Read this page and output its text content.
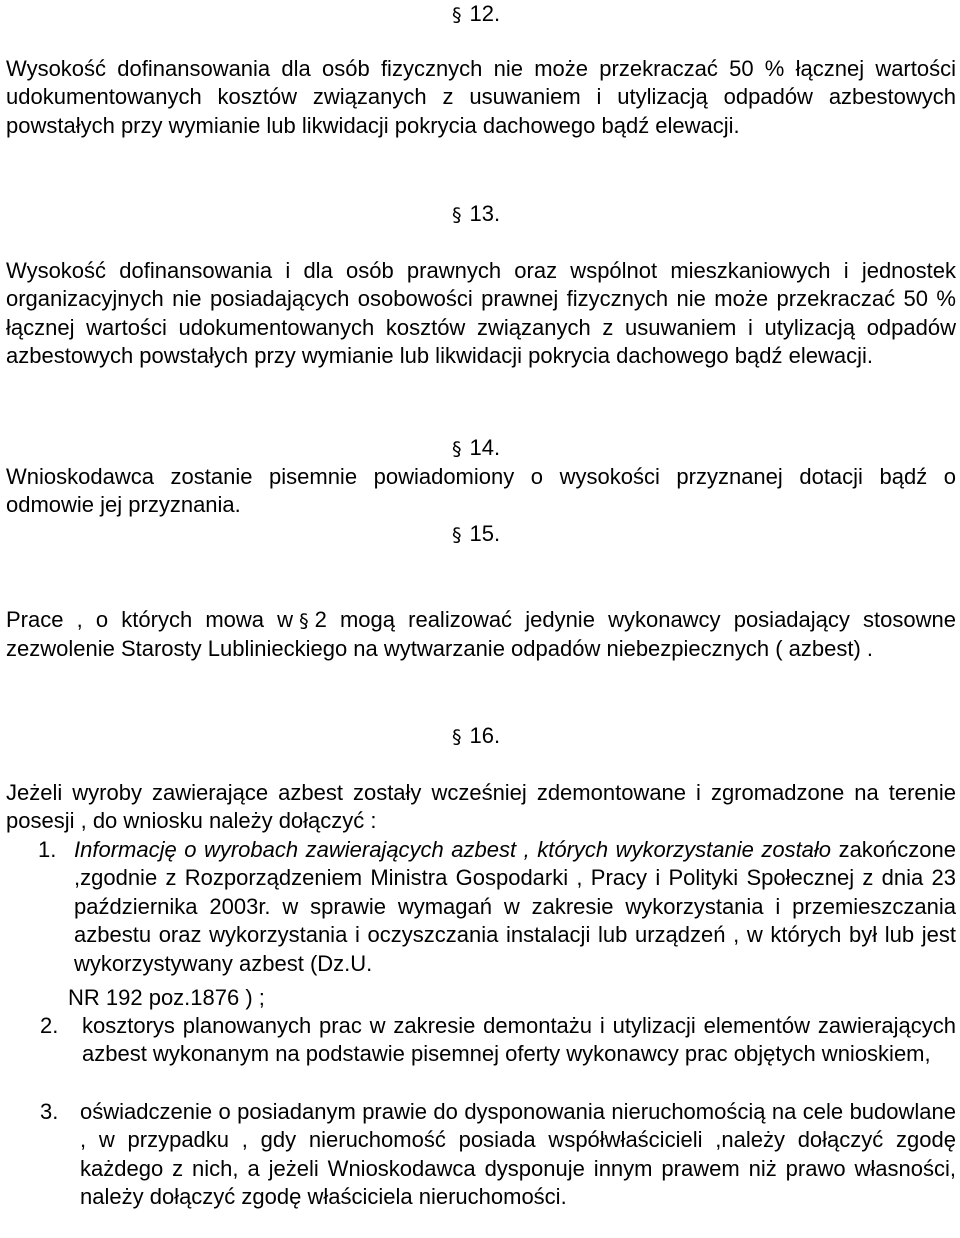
§ 12.

Wysokość dofinansowania dla osób fizycznych nie może przekraczać 50 % łącznej wartości udokumentowanych kosztów związanych z usuwaniem i utylizacją odpadów azbestowych powstałych przy wymianie lub likwidacji pokrycia dachowego bądź elewacji.

§ 13.

Wysokość dofinansowania i dla osób prawnych oraz wspólnot mieszkaniowych i jednostek organizacyjnych nie posiadających osobowości prawnej fizycznych nie może przekraczać 50 % łącznej wartości udokumentowanych kosztów związanych z usuwaniem i utylizacją odpadów azbestowych powstałych przy wymianie lub likwidacji pokrycia dachowego bądź elewacji.

§ 14.

Wnioskodawca zostanie pisemnie powiadomiony o wysokości przyznanej dotacji bądź o odmowie jej przyznania.

§ 15.

Prace , o których mowa w § 2 mogą realizować jedynie wykonawcy posiadający stosowne zezwolenie Starosty Lublinieckiego na wytwarzanie odpadów niebezpiecznych ( azbest) .

§ 16.

Jeżeli wyroby zawierające azbest zostały wcześniej zdemontowane i zgromadzone na terenie posesji , do wniosku należy dołączyć :

1. Informację o wyrobach zawierających azbest , których wykorzystanie zostało zakończone ,zgodnie z Rozporządzeniem Ministra Gospodarki , Pracy i Polityki Społecznej z dnia 23 października 2003r. w sprawie wymagań w zakresie wykorzystania i przemieszczania azbestu oraz wykorzystania i oczyszczania instalacji lub urządzeń , w których był lub jest wykorzystywany azbest (Dz.U.

NR 192 poz.1876 ) ;

2. kosztorys planowanych prac w zakresie demontażu i utylizacji elementów zawierających azbest wykonanym na podstawie pisemnej oferty wykonawcy prac objętych wnioskiem,

3. oświadczenie o posiadanym prawie do dysponowania nieruchomością na cele budowlane , w przypadku , gdy nieruchomość posiada współwłaścicieli ,należy dołączyć zgodę każdego z nich, a jeżeli Wnioskodawca dysponuje innym prawem niż prawo własności, należy dołączyć zgodę właściciela nieruchomości.
